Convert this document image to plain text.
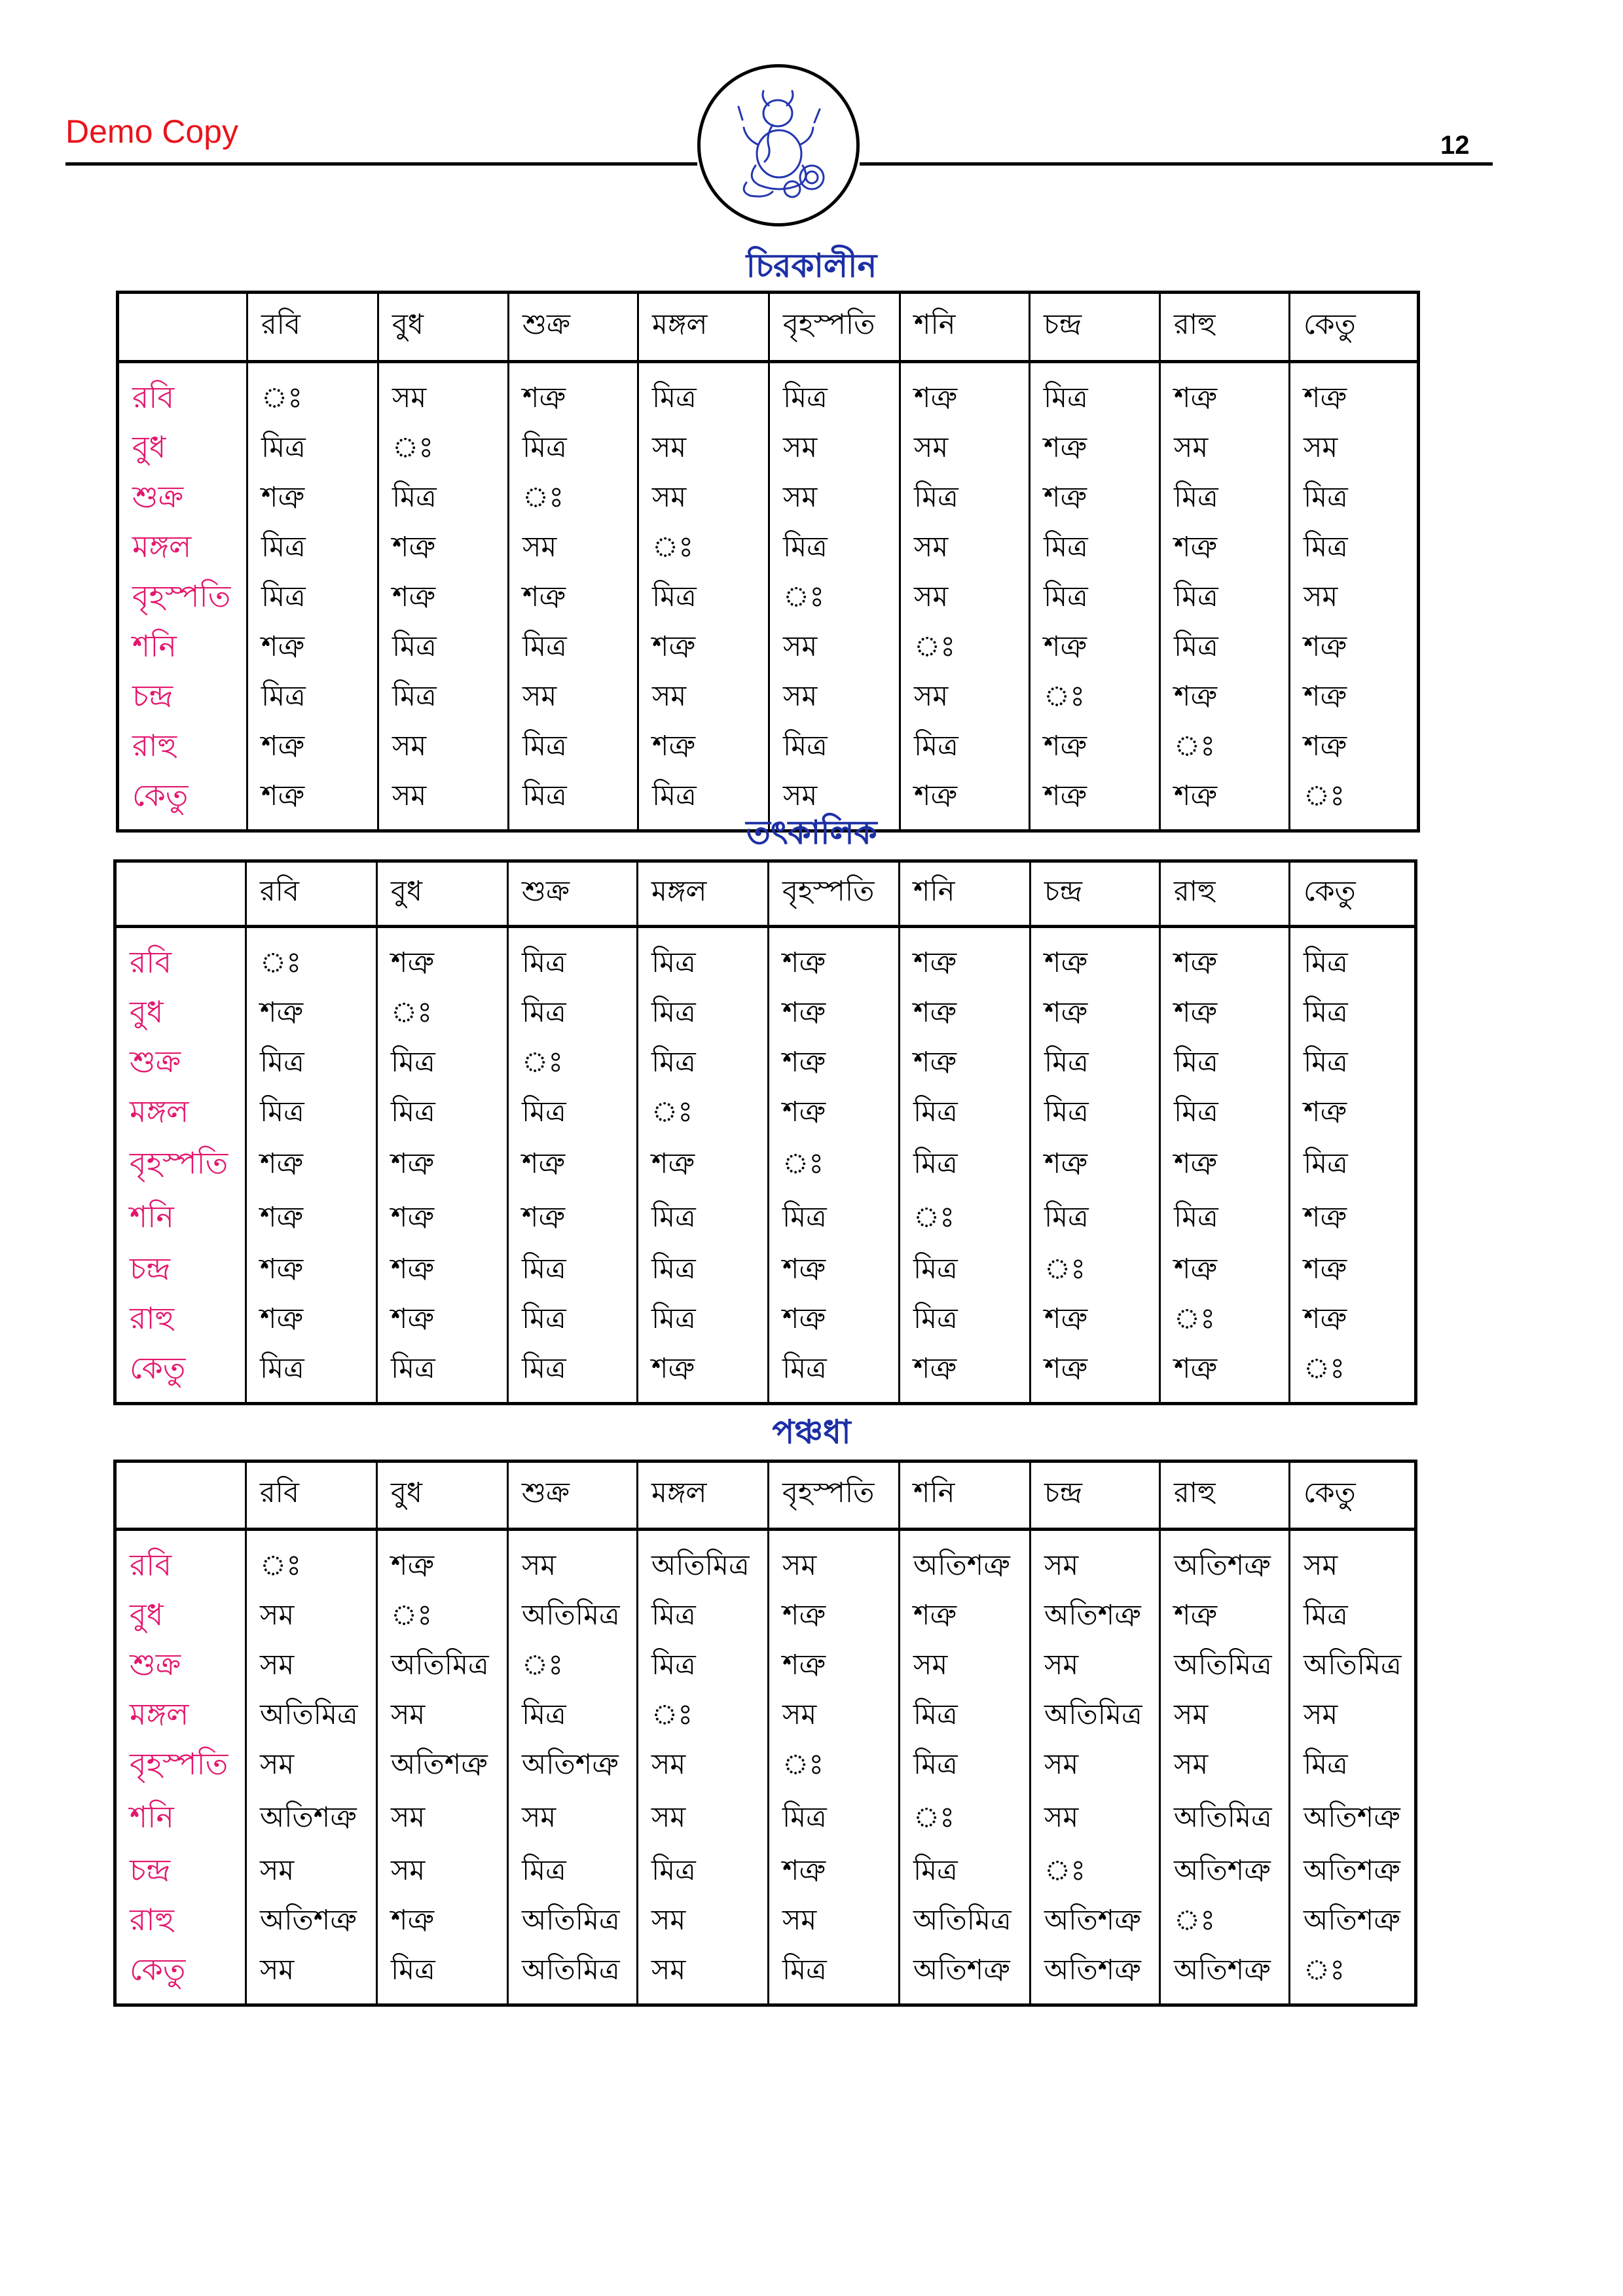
Demo Copy	12
চিরকালীন
	রবি	বুধ	শুক্র	মঙ্গল	বৃহস্পতি	শনি	চন্দ্র	রাহু	কেতু
রবি	ঃ	সম	শত্রু	মিত্র	মিত্র	শত্রু	মিত্র	শত্রু	শত্রু
বুধ	মিত্র	ঃ	মিত্র	সম	সম	সম	শত্রু	সম	সম
শুক্র	শত্রু	মিত্র	ঃ	সম	সম	মিত্র	শত্রু	মিত্র	মিত্র
মঙ্গল	মিত্র	শত্রু	সম	ঃ	মিত্র	সম	মিত্র	শত্রু	মিত্র
বৃহস্পতি	মিত্র	শত্রু	শত্রু	মিত্র	ঃ	সম	মিত্র	মিত্র	সম
শনি	শত্রু	মিত্র	মিত্র	শত্রু	সম	ঃ	শত্রু	মিত্র	শত্রু
চন্দ্র	মিত্র	মিত্র	সম	সম	সম	সম	ঃ	শত্রু	শত্রু
রাহু	শত্রু	সম	মিত্র	শত্রু	মিত্র	মিত্র	শত্রু	ঃ	শত্রু
কেতু	শত্রু	সম	মিত্র	মিত্র	সম	শত্রু	শত্রু	শত্রু	ঃ
তৎকালিক
	রবি	বুধ	শুক্র	মঙ্গল	বৃহস্পতি	শনি	চন্দ্র	রাহু	কেতু
রবি	ঃ	শত্রু	মিত্র	মিত্র	শত্রু	শত্রু	শত্রু	শত্রু	মিত্র
বুধ	শত্রু	ঃ	মিত্র	মিত্র	শত্রু	শত্রু	শত্রু	শত্রু	মিত্র
শুক্র	মিত্র	মিত্র	ঃ	মিত্র	শত্রু	শত্রু	মিত্র	মিত্র	মিত্র
মঙ্গল	মিত্র	মিত্র	মিত্র	ঃ	শত্রু	মিত্র	মিত্র	মিত্র	শত্রু
বৃহস্পতি	শত্রু	শত্রু	শত্রু	শত্রু	ঃ	মিত্র	শত্রু	শত্রু	মিত্র
শনি	শত্রু	শত্রু	শত্রু	মিত্র	মিত্র	ঃ	মিত্র	মিত্র	শত্রু
চন্দ্র	শত্রু	শত্রু	মিত্র	মিত্র	শত্রু	মিত্র	ঃ	শত্রু	শত্রু
রাহু	শত্রু	শত্রু	মিত্র	মিত্র	শত্রু	মিত্র	শত্রু	ঃ	শত্রু
কেতু	মিত্র	মিত্র	মিত্র	শত্রু	মিত্র	শত্রু	শত্রু	শত্রু	ঃ
পঞ্চধা
	রবি	বুধ	শুক্র	মঙ্গল	বৃহস্পতি	শনি	চন্দ্র	রাহু	কেতু
রবি	ঃ	শত্রু	সম	অতিমিত্র	সম	অতিশত্রু	সম	অতিশত্রু	সম
বুধ	সম	ঃ	অতিমিত্র	মিত্র	শত্রু	শত্রু	অতিশত্রু	শত্রু	মিত্র
শুক্র	সম	অতিমিত্র	ঃ	মিত্র	শত্রু	সম	সম	অতিমিত্র	অতিমিত্র
মঙ্গল	অতিমিত্র	সম	মিত্র	ঃ	সম	মিত্র	অতিমিত্র	সম	সম
বৃহস্পতি	সম	অতিশত্রু	অতিশত্রু	সম	ঃ	মিত্র	সম	সম	মিত্র
শনি	অতিশত্রু	সম	সম	সম	মিত্র	ঃ	সম	অতিমিত্র	অতিশত্রু
চন্দ্র	সম	সম	মিত্র	মিত্র	শত্রু	মিত্র	ঃ	অতিশত্রু	অতিশত্রু
রাহু	অতিশত্রু	শত্রু	অতিমিত্র	সম	সম	অতিমিত্র	অতিশত্রু	ঃ	অতিশত্রু
কেতু	সম	মিত্র	অতিমিত্র	সম	মিত্র	অতিশত্রু	অতিশত্রু	অতিশত্রু	ঃ
